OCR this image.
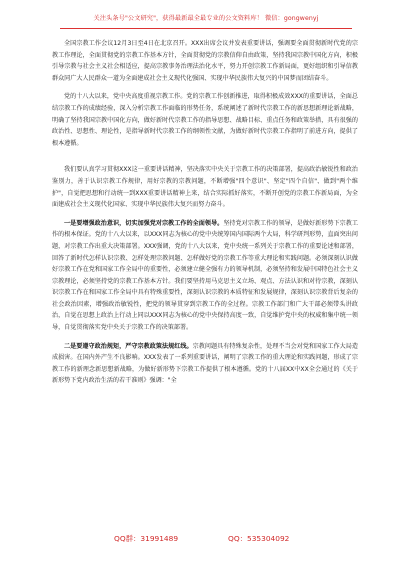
关注头条号"公文研究"，获得最新最全最专业的公文资料库！ 微信：gongwenyj

全国宗教工作会议12月3日至4日在北京召开。XXX出席会议并发表重要讲话，强调要全面贯彻新时代党的宗教工作理论，全面贯彻党的宗教工作基本方针，全面贯彻党的宗教信仰自由政策，坚持我国宗教中国化方向，积极引导宗教与社会主义社会相适应，提高宗教事务治理法治化水平，努力开创宗教工作新局面，更好组织和引导信教群众同广大人民群众一道为全面建成社会主义现代化强国、实现中华民族伟大复兴的中国梦而团结奋斗。

党的十八大以来，党中央高度重视宗教工作。党的宗教工作创新推进，取得积极成效XXX的重要讲话，全面总结宗教工作的成绩经验，深入分析宗教工作面临的形势任务，系统阐述了新时代宗教工作的新思想新理论新战略，明确了坚持我国宗教中国化方向，做好新时代宗教工作的指导思想、战略目标、重点任务和政策举措，具有很强的政治性、思想性、理论性，是指导新时代宗教工作的纲领性文献，为做好新时代宗教工作指明了前进方向，提供了根本遵循。

我们要认真学习贯彻XXX这一重要讲话精神，坚决落实中央关于宗教工作的决策部署，提高政治敏锐性和政治鉴别力，善于认识宗教工作规律，用好宗教的宗教问题，不断增强"四个意识"、坚定"四个自信"、做到"两个维护"，自觉把思想和行动统一到XXX重要讲话精神上来，结合实际抓好落实，不断开创党的宗教工作新局面，为全面建成社会主义现代化国家、实现中华民族伟大复兴而努力奋斗。

一是要增强政治意识，切实加强党对宗教工作的全面领导。坚持党对宗教工作的领导，是做好新形势下宗教工作的根本保证。党的十八大以来，以XXX同志为核心的党中央统筹国内国际两个大局，科学研判形势，直面突出问题，对宗教工作出重大决策部署。XXX强调，党的十八大以来，党中央统一系列关于宗教工作的重要论述和部署，回答了新时代怎样认识宗教、怎样处理宗教问题、怎样做好党的宗教工作等重大理论和实践问题。必须深刻认识做好宗教工作在党和国家工作全局中的重要性，必须建立健全强有力的领导机制，必须坚持和发展中国特色社会主义宗教理论，必须坚持党的宗教工作基本方针。我们要坚持用马克思主义立场、观点、方法认识和对待宗教，深刻认识宗教工作在和国家工作全局中具有特殊重要性，深刻认识宗教的本质特征和发展规律，深刻认识宗教背后复杂的社会政治因素，增强政治敏锐性，把党的领导贯穿到宗教工作的全过程。宗教工作部门和广大干部必须带头讲政治，自觉在思想上政治上行动上同以XXX同志为核心的党中央保持高度一致，自觉维护党中央的权威和集中统一领导，自觉贯彻落实党中央关于宗教工作的决策部署。

二是要遵守政治规矩，严守宗教政策法规红线。宗教问题具有特殊复杂性，处理不当会对党和国家工作大局造成损害。在国内外产生不良影响。XXX发表了一系列重要讲话，阐明了宗教工作的重大理论和实践问题，形成了宗教工作的新理念新思想新战略，为做好新形势下宗教工作提供了根本遵循。党的十八届XX中XX全会通过的《关于新形势下党内政治生活的若干准则》强调："全

QQ群：31991489	QQ：535304092
